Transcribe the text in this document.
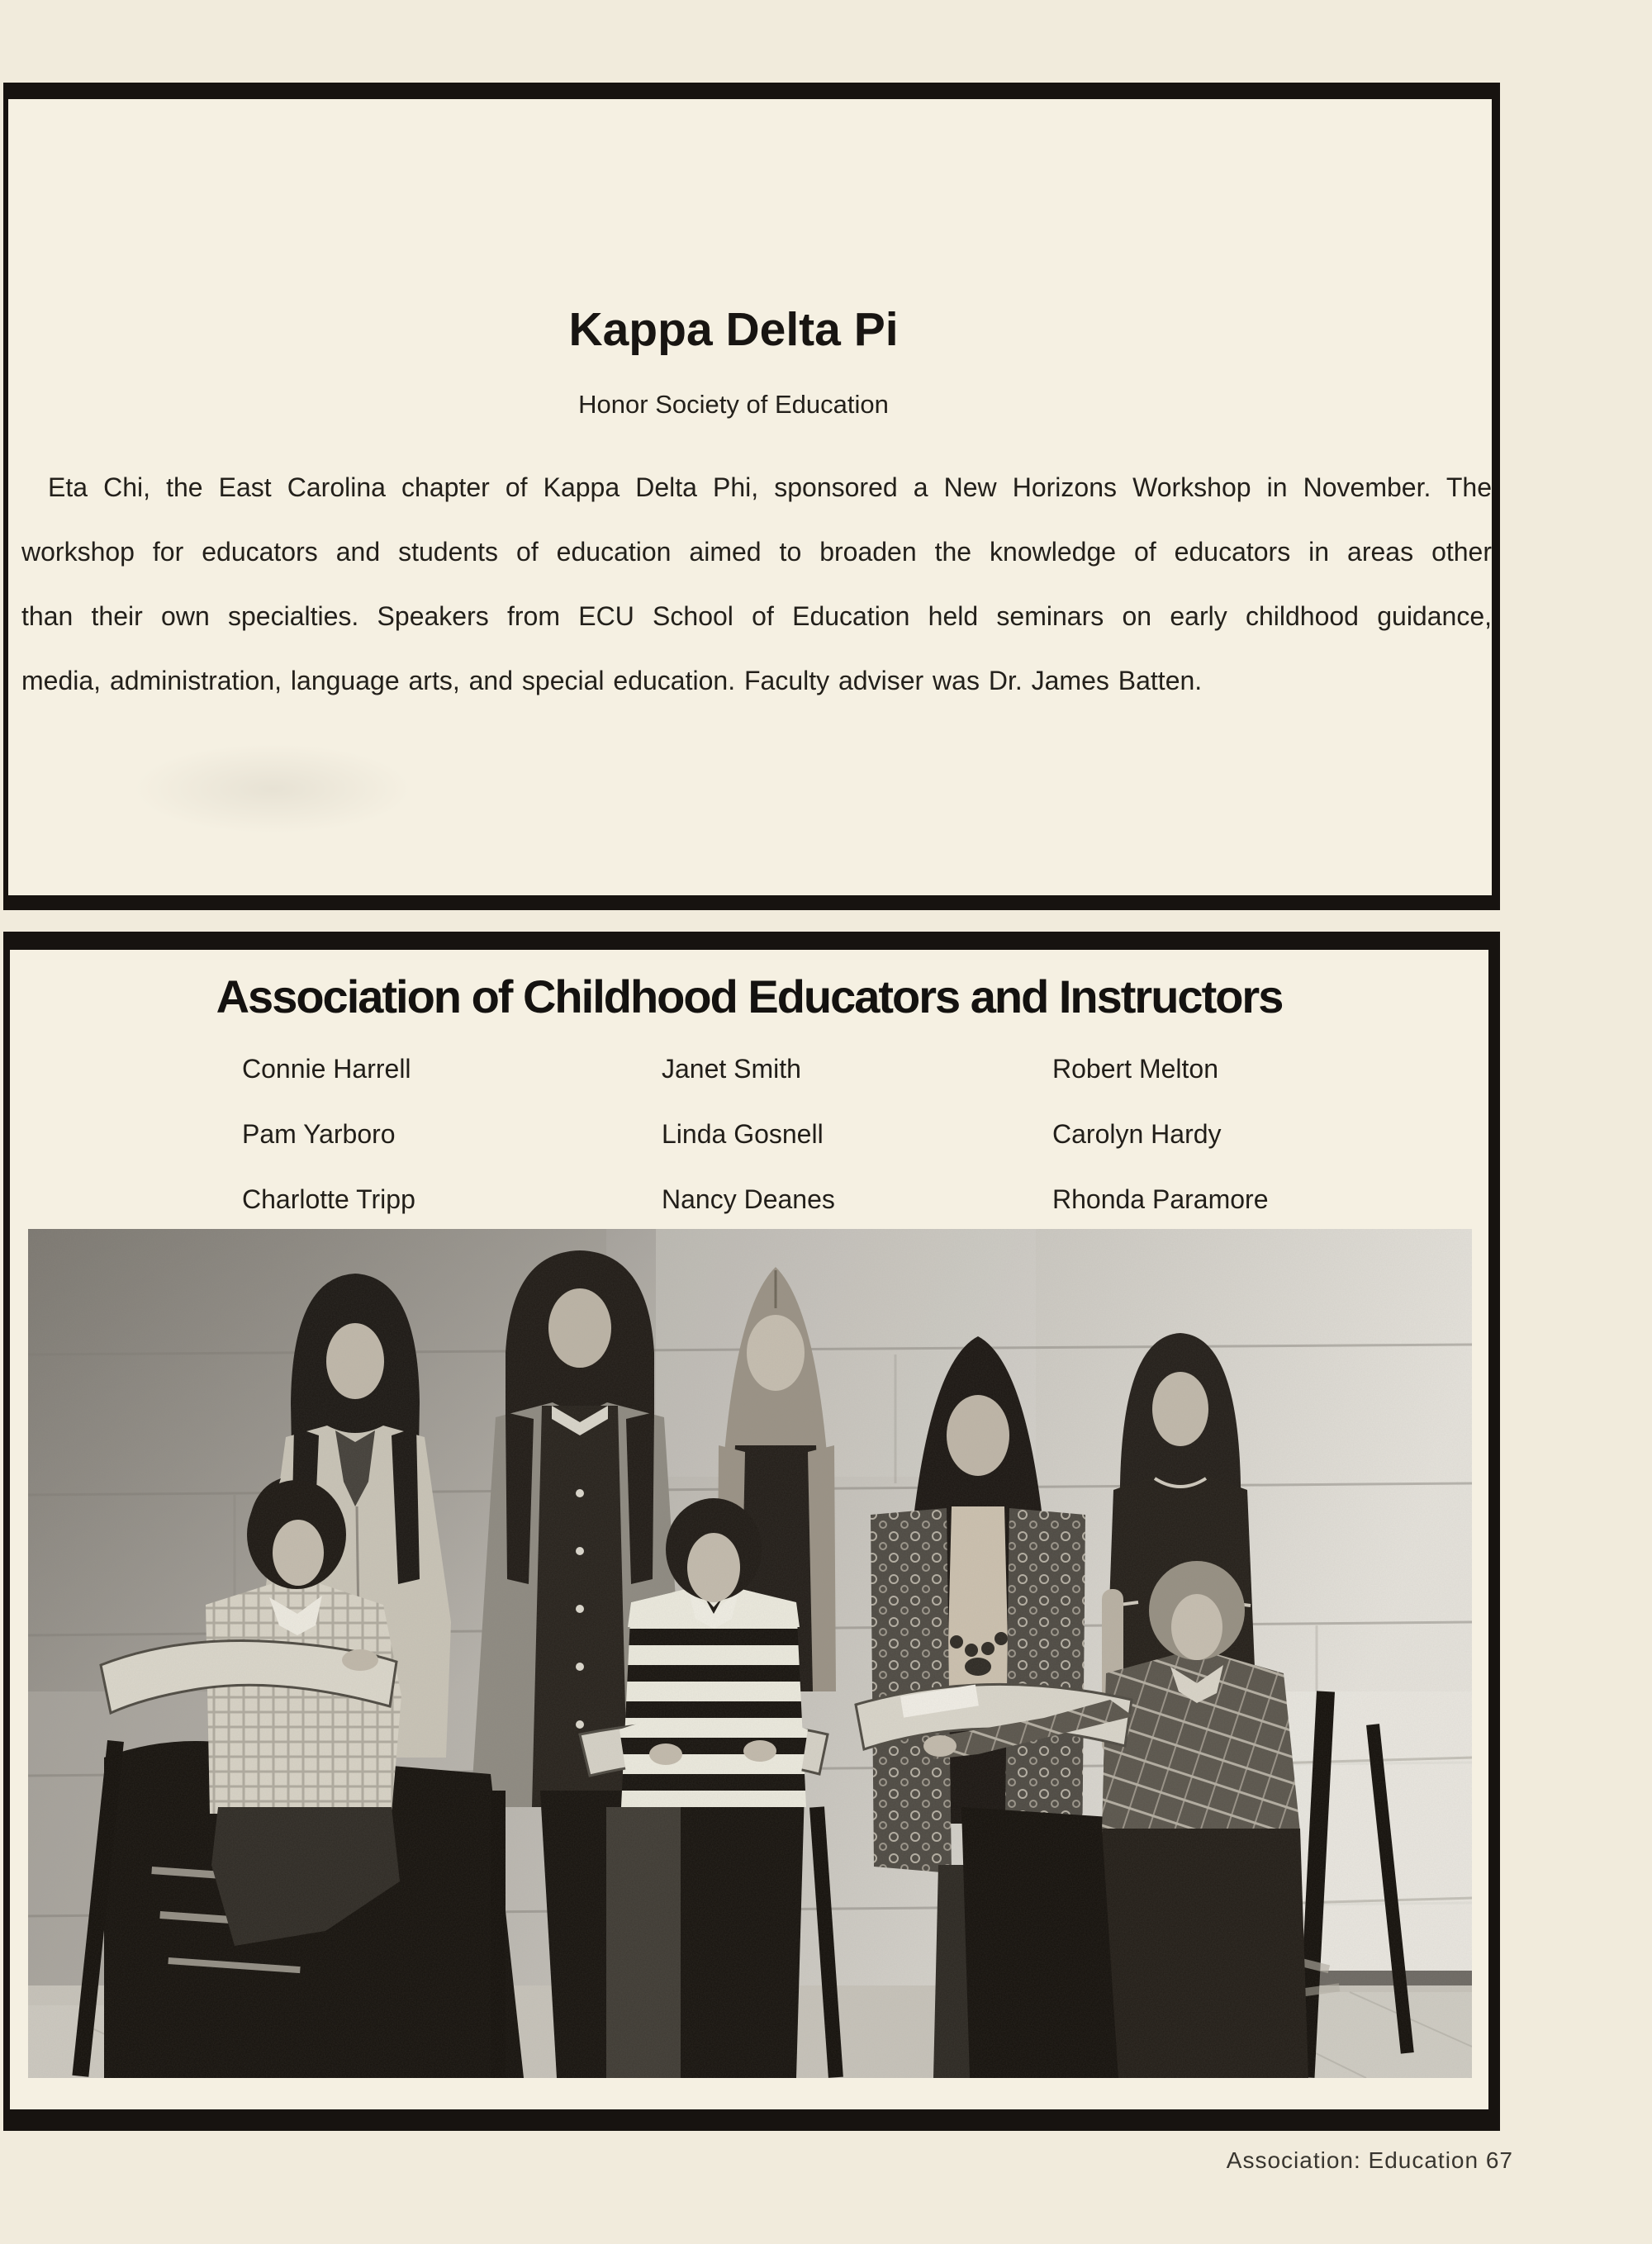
Kappa Delta Pi
Honor Society of Education
Eta Chi, the East Carolina chapter of Kappa Delta Phi, sponsored a New Horizons Workshop in November. The
workshop for educators and students of education aimed to broaden the knowledge of educators in areas other
than their own specialties. Speakers from ECU School of Education held seminars on early childhood guidance,
media, administration, language arts, and special education. Faculty adviser was Dr. James Batten.
Association of Childhood Educators and Instructors
Connie Harrell	Janet Smith	Robert Melton
Pam Yarboro	Linda Gosnell	Carolyn Hardy
Charlotte Tripp	Nancy Deanes	Rhonda Paramore
Association: Education 67
